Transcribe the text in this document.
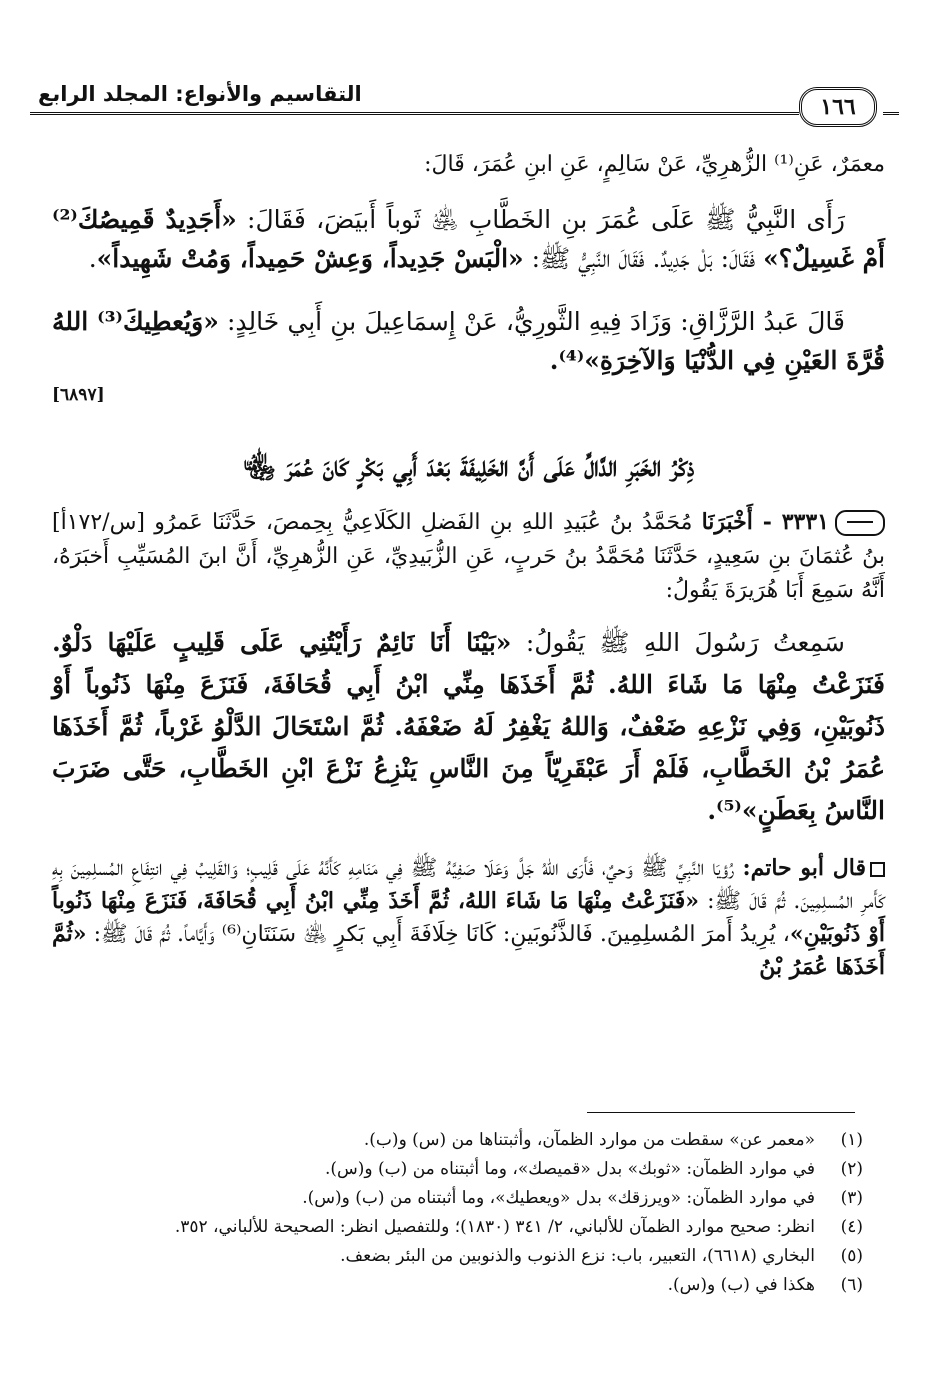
التقاسيم والأنواع: المجلد الرابع	١٦٦

معمَرٌ، عَنِ⁽¹⁾ الزُّهرِيِّ، عَنْ سَالِمٍ، عَنِ ابنِ عُمَرَ، قَالَ:

رَأَى النَّبِيُّ ﷺ عَلَى عُمَرَ بنِ الخَطَّابِ ﵁ ثَوباً أَبيَضَ، فَقَالَ: «أَجَدِيدٌ قَمِيصُكَ⁽²⁾ أَمْ غَسِيلٌ؟» فَقَالَ: بَلْ جَدِيدٌ. فَقَالَ النَّبِيُّ ﷺ: «الْبَسْ جَدِيداً، وَعِشْ حَمِيداً، وَمُتْ شَهِيداً».

قَالَ عَبدُ الرَّزَّاقِ: وَزَادَ فِيهِ الثَّورِيُّ، عَنْ إِسمَاعِيلَ بنِ أَبِي خَالِدٍ: «وَيُعطِيكَ⁽³⁾ اللهُ قُرَّةَ العَيْنِ فِي الدُّنْيَا وَالآخِرَةِ»⁽⁴⁾.
[٦٨٩٧]

ذِكْرُ الخَبَرِ الدَّالِّ عَلَى أَنَّ الخَلِيفَةَ بَعْدَ أَبِي بَكْرٍ كَانَ عُمَرَ ﵄

٣٣٣١ - أَخْبَرَنَا مُحَمَّدُ بنُ عُبَيدِ اللهِ بنِ الفَضلِ الكَلَاعِيُّ بِحِمصَ، حَدَّثَنَا عَمرُو [س/١٧٢أ] بنُ عُثمَانَ بنِ سَعِيدٍ، حَدَّثَنَا مُحَمَّدُ بنُ حَربٍ، عَنِ الزُّبَيدِيِّ، عَنِ الزُّهرِيِّ، أَنَّ ابنَ المُسَيِّبِ أَخبَرَهُ، أَنَّهُ سَمِعَ أَبَا هُرَيرَةَ يَقُولُ:

سَمِعتُ رَسُولَ اللهِ ﷺ يَقُولُ: «بَيْنَا أَنَا نَائِمٌ رَأَيْتُنِي عَلَى قَلِيبٍ عَلَيْهَا دَلْوٌ. فَنَزَعْتُ مِنْهَا مَا شَاءَ اللهُ. ثُمَّ أَخَذَهَا مِنِّي ابْنُ أَبِي قُحَافَةَ، فَنَزَعَ مِنْهَا ذَنُوباً أَوْ ذَنُوبَيْنِ، وَفِي نَزْعِهِ ضَعْفٌ، وَاللهُ يَغْفِرُ لَهُ ضَعْفَهُ. ثُمَّ اسْتَحَالَ الدَّلْوُ غَرْباً، ثُمَّ أَخَذَهَا عُمَرُ بْنُ الخَطَّابِ، فَلَمْ أَرَ عَبْقَرِيّاً مِنَ النَّاسِ يَنْزِعُ نَزْعَ ابْنِ الخَطَّابِ، حَتَّى ضَرَبَ النَّاسُ بِعَطَنٍ»⁽⁵⁾.

قال أبو حاتم: رُؤيَا النَّبِيِّ ﷺ وَحيٌ، فَأَرَى اللهُ جَلَّ وَعَلَا صَفِيَّهُ ﷺ فِي مَنَامِهِ كَأَنَّهُ عَلَى قَلِيبٍ؛ وَالقَلِيبُ فِي انتِفَاعِ المُسلِمِينَ بِهِ كَأَمرِ المُسلِمِينَ. ثُمَّ قَالَ ﷺ: «فَنَزَعْتُ مِنْهَا مَا شَاءَ اللهُ، ثُمَّ أَخَذَ مِنِّي ابْنُ أَبِي قُحَافَةَ، فَنَزَعَ مِنْهَا ذَنُوباً أَوْ ذَنُوبَيْنِ»، يُرِيدُ أَمرَ المُسلِمِينَ. فَالذَّنُوبَينِ: كَانَا خِلَافَةَ أَبِي بَكرٍ ﵁ سَنَتَانِ⁽⁶⁾ وَأَيَّاماً. ثُمَّ قَالَ ﷺ: «ثُمَّ أَخَذَهَا عُمَرُ بْنُ

(١)«معمر عن» سقطت من موارد الظمآن، وأثبتناها من (س) و(ب).
(٢)في موارد الظمآن: «ثوبك» بدل «قميصك»، وما أثبتناه من (ب) و(س).
(٣)في موارد الظمآن: «ويرزقك» بدل «ويعطيك»، وما أثبتناه من (ب) و(س).
(٤)انظر: صحيح موارد الظمآن للألباني، ٢/ ٣٤١ (١٨٣٠)؛ وللتفصيل انظر: الصحيحة للألباني، ٣٥٢.
(٥)البخاري (٦٦١٨)، التعبير، باب: نزع الذنوب والذنوبين من البئر بضعف.
(٦)هكذا في (ب) و(س).
